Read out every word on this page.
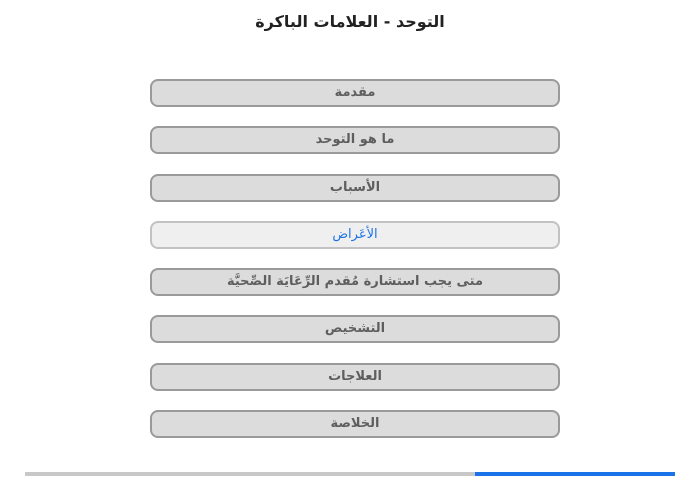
التوحد - العلامات الباكرة
مقدمة
ما هو التوحد
الأسباب
الأعَراض
متى يجب استشارة مُقدم الرِّعَايَة الصِّحيَّة
التشخيص
العلاجات
الخلاصة
